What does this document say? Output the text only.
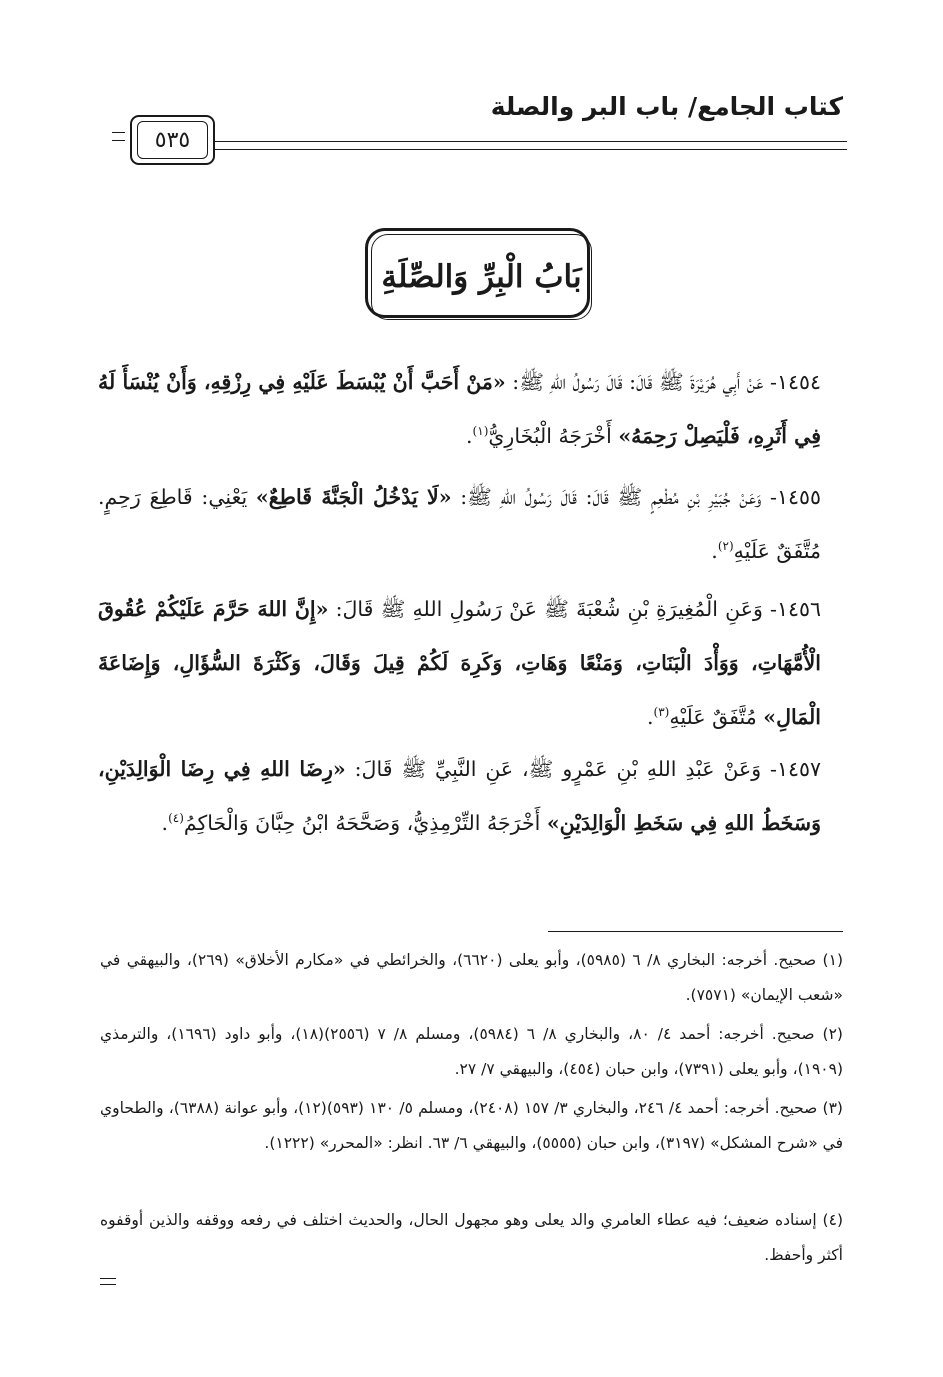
كتاب الجامع/ باب البر والصلة
٥٣٥
بَابُ الْبِرِّ وَالصِّلَةِ
١٤٥٤- عَنْ أَبِي هُرَيْرَةَ ﷺ قَالَ: قَالَ رَسُولُ اللهِ ﷺ: «مَنْ أَحَبَّ أَنْ يُبْسَطَ عَلَيْهِ فِي رِزْقِهِ، وَأَنْ يُنْسَأَ لَهُ فِي أَثَرِهِ، فَلْيَصِلْ رَحِمَهُ» أَخْرَجَهُ الْبُخَارِيُّ$^{(١)}$.
١٤٥٥- وَعَنْ جُبَيْرِ بْنِ مُطْعِمٍ ﷺ قَالَ: قَالَ رَسُولُ اللهِ ﷺ: «لَا يَدْخُلُ الْجَنَّةَ قَاطِعٌ» يَعْنِي: قَاطِعَ رَحِمٍ. مُتَّفَقٌ عَلَيْهِ$^{(٢)}$.
١٤٥٦- وَعَنِ الْمُغِيرَةِ بْنِ شُعْبَةَ ﷺ عَنْ رَسُولِ اللهِ ﷺ قَالَ: «إِنَّ اللهَ حَرَّمَ عَلَيْكُمْ عُقُوقَ الْأُمَّهَاتِ، وَوَأْدَ الْبَنَاتِ، وَمَنْعًا وَهَاتِ، وَكَرِهَ لَكُمْ قِيلَ وَقَالَ، وَكَثْرَةَ السُّؤَالِ، وَإِضَاعَةَ الْمَالِ» مُتَّفَقٌ عَلَيْهِ$^{(٣)}$.
١٤٥٧- وَعَنْ عَبْدِ اللهِ بْنِ عَمْرٍو ﷺ، عَنِ النَّبِيِّ ﷺ قَالَ: «رِضَا اللهِ فِي رِضَا الْوَالِدَيْنِ، وَسَخَطُ اللهِ فِي سَخَطِ الْوَالِدَيْنِ» أَخْرَجَهُ التِّرْمِذِيُّ، وَصَحَّحَهُ ابْنُ حِبَّانَ وَالْحَاكِمُ$^{(٤)}$.
(١) صحيح. أخرجه: البخاري ٨/ ٦ (٥٩٨٥)، وأبو يعلى (٦٦٢٠)، والخرائطي في «مكارم الأخلاق» (٢٦٩)، والبيهقي في «شعب الإيمان» (٧٥٧١).
(٢) صحيح. أخرجه: أحمد ٤/ ٨٠، والبخاري ٨/ ٦ (٥٩٨٤)، ومسلم ٨/ ٧ (٢٥٥٦)(١٨)، وأبو داود (١٦٩٦)، والترمذي (١٩٠٩)، وأبو يعلى (٧٣٩١)، وابن حبان (٤٥٤)، والبيهقي ٧/ ٢٧.
(٣) صحيح. أخرجه: أحمد ٤/ ٢٤٦، والبخاري ٣/ ١٥٧ (٢٤٠٨)، ومسلم ٥/ ١٣٠ (٥٩٣)(١٢)، وأبو عوانة (٦٣٨٨)، والطحاوي في «شرح المشكل» (٣١٩٧)، وابن حبان (٥٥٥٥)، والبيهقي ٦/ ٦٣. انظر: «المحرر» (١٢٢٢).
(٤) إسناده ضعيف؛ فيه عطاء العامري والد يعلى وهو مجهول الحال، والحديث اختلف في رفعه ووقفه والذين أوقفوه أكثر وأحفظ.
